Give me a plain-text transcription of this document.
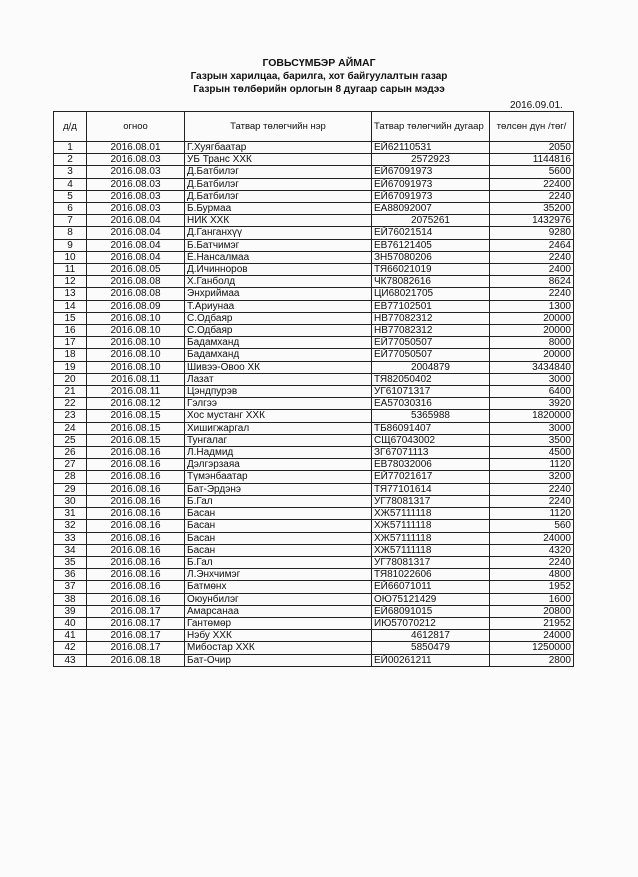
ГОВЬСҮМБЭР АЙМАГ
Газрын харилцаа, барилга, хот байгуулалтын газар
Газрын төлбөрийн орлогын 8 дугаар сарын мэдээ
2016.09.01.
д/д	огноо	Татвар төлөгчийн нэр	Татвар төлөгчийн дугаар	төлсөн дүн /төг/
1	2016.08.01	Г.Хуягбаатар	ЕЙ62110531	2050
2	2016.08.03	УБ Транс ХХК	2572923	1144816
3	2016.08.03	Д.Батбилэг	ЕЙ67091973	5600
4	2016.08.03	Д.Батбилэг	ЕЙ67091973	22400
5	2016.08.03	Д.Батбилэг	ЕЙ67091973	2240
6	2016.08.03	Б.Бурмаа	ЕА88092007	35200
7	2016.08.04	НИК ХХК	2075261	1432976
8	2016.08.04	Д.Ганганхүү	ЕЙ76021514	9280
9	2016.08.04	Б.Батчимэг	ЕВ76121405	2464
10	2016.08.04	Ё.Нансалмаа	ЗН57080206	2240
11	2016.08.05	Д.Ичинноров	ТЯ66021019	2400
12	2016.08.08	Х.Ганболд	ЧК78082616	8624
13	2016.08.08	Энхриймаа	ЦИ68021705	2240
14	2016.08.09	Т.Ариунаа	ЕВ77102501	1300
15	2016.08.10	С.Одбаяр	НВ77082312	20000
16	2016.08.10	С.Одбаяр	НВ77082312	20000
17	2016.08.10	Бадамханд	ЕЙ77050507	8000
18	2016.08.10	Бадамханд	ЕЙ77050507	20000
19	2016.08.10	Шивээ-Овоо ХК	2004879	3434840
20	2016.08.11	Лазат	ТЯ82050402	3000
21	2016.08.11	Цэндпурэв	УГ61071317	6400
22	2016.08.12	Гэлгээ	ЕА57030316	3920
23	2016.08.15	Хос мустанг ХХК	5365988	1820000
24	2016.08.15	Хишигжаргал	ТБ86091407	3000
25	2016.08.15	Тунгалаг	СЩ67043002	3500
26	2016.08.16	Л.Надмид	ЗГ67071113	4500
27	2016.08.16	Дэлгэрзаяа	ЕВ78032006	1120
28	2016.08.16	Түмэнбаатар	ЕЙ77021617	3200
29	2016.08.16	Бат-Эрдэнэ	ТЯ77101614	2240
30	2016.08.16	Б.Гал	УГ78081317	2240
31	2016.08.16	Басан	ХЖ57111118	1120
32	2016.08.16	Басан	ХЖ57111118	560
33	2016.08.16	Басан	ХЖ57111118	24000
34	2016.08.16	Басан	ХЖ57111118	4320
35	2016.08.16	Б.Гал	УГ78081317	2240
36	2016.08.16	Л.Энхчимэг	ТЯ81022606	4800
37	2016.08.16	Батмөнх	ЕЙ66071011	1952
38	2016.08.16	Оюунбилэг	ОЮ75121429	1600
39	2016.08.17	Амарсанаа	ЕЙ68091015	20800
40	2016.08.17	Гантөмөр	ИЮ57070212	21952
41	2016.08.17	Нэбу ХХК	4612817	24000
42	2016.08.17	Мибостар ХХК	5850479	1250000
43	2016.08.18	Бат-Очир	ЕЙ00261211	2800
